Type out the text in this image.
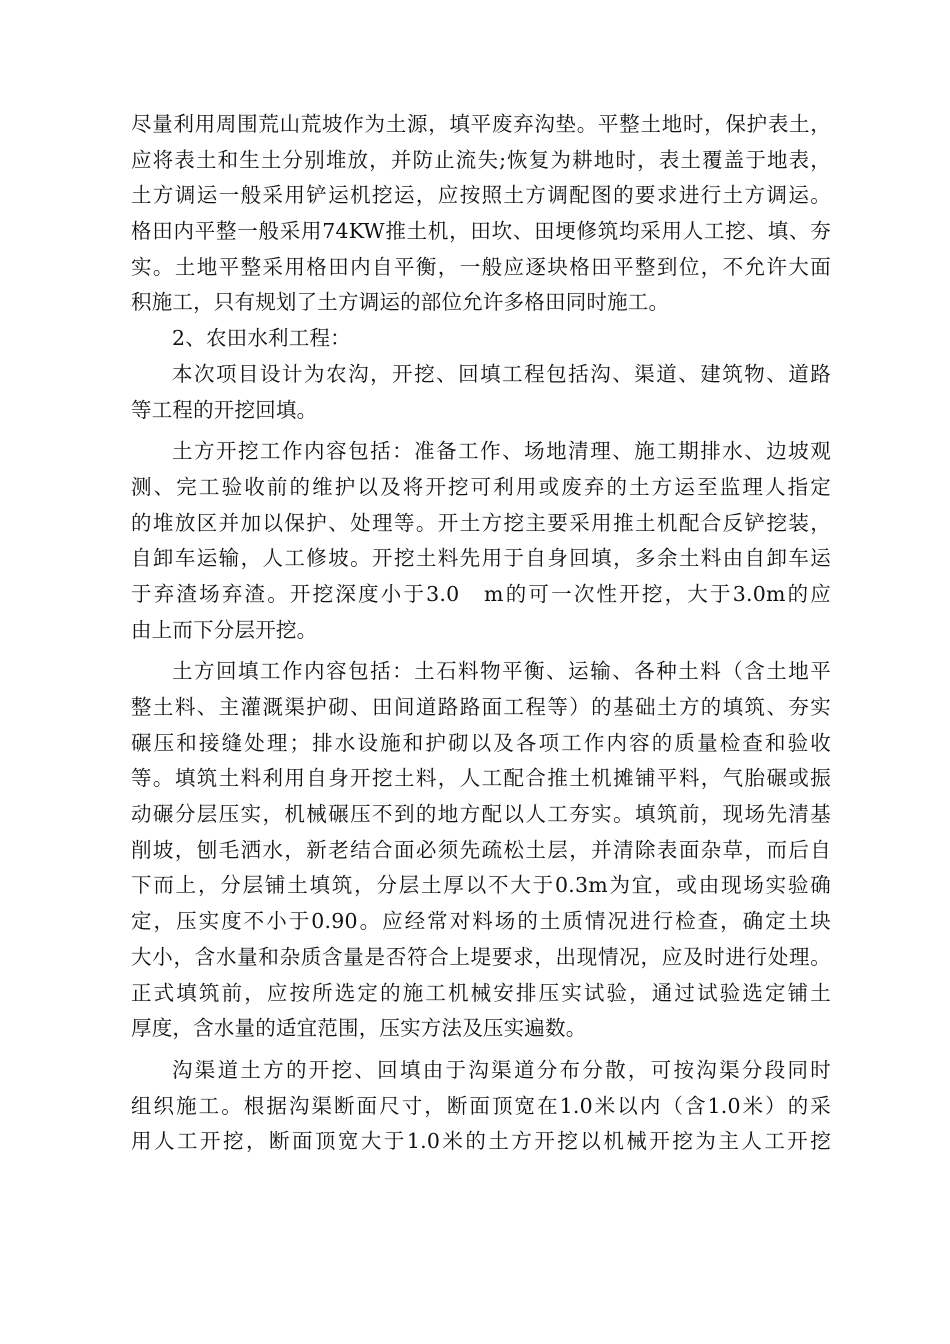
尽量利用周围荒山荒坡作为土源，填平废弃沟垫。平整土地时，保护表土，
应将表土和生土分别堆放，并防止流失;恢复为耕地时，表土覆盖于地表，
土方调运一般采用铲运机挖运，应按照土方调配图的要求进行土方调运。
格田内平整一般采用74KW推土机，田坎、田埂修筑均采用人工挖、填、夯
实。土地平整采用格田内自平衡，一般应逐块格田平整到位，不允许大面
积施工，只有规划了土方调运的部位允许多格田同时施工。
2、农田水利工程：
本次项目设计为农沟，开挖、回填工程包括沟、渠道、建筑物、道路
等工程的开挖回填。
土方开挖工作内容包括：准备工作、场地清理、施工期排水、边坡观
测、完工验收前的维护以及将开挖可利用或废弃的土方运至监理人指定
的堆放区并加以保护、处理等。开土方挖主要采用推土机配合反铲挖装，
自卸车运输，人工修坡。开挖土料先用于自身回填，多余土料由自卸车运
于弃渣场弃渣。开挖深度小于3.0　m的可一次性开挖，大于3.0m的应
由上而下分层开挖。
土方回填工作内容包括：土石料物平衡、运输、各种土料（含土地平
整土料、主灌溉渠护砌、田间道路路面工程等）的基础土方的填筑、夯实
碾压和接缝处理；排水设施和护砌以及各项工作内容的质量检查和验收
等。填筑土料利用自身开挖土料，人工配合推土机摊铺平料，气胎碾或振
动碾分层压实，机械碾压不到的地方配以人工夯实。填筑前，现场先清基
削坡，刨毛洒水，新老结合面必须先疏松土层，并清除表面杂草，而后自
下而上，分层铺土填筑，分层土厚以不大于0.3m为宜，或由现场实验确
定，压实度不小于0.90。应经常对料场的土质情况进行检查，确定土块
大小，含水量和杂质含量是否符合上堤要求，出现情况，应及时进行处理。
正式填筑前，应按所选定的施工机械安排压实试验，通过试验选定铺土
厚度，含水量的适宜范围，压实方法及压实遍数。
沟渠道土方的开挖、回填由于沟渠道分布分散，可按沟渠分段同时
组织施工。根据沟渠断面尺寸，断面顶宽在1.0米以内（含1.0米）的采
用人工开挖，断面顶宽大于1.0米的土方开挖以机械开挖为主人工开挖
